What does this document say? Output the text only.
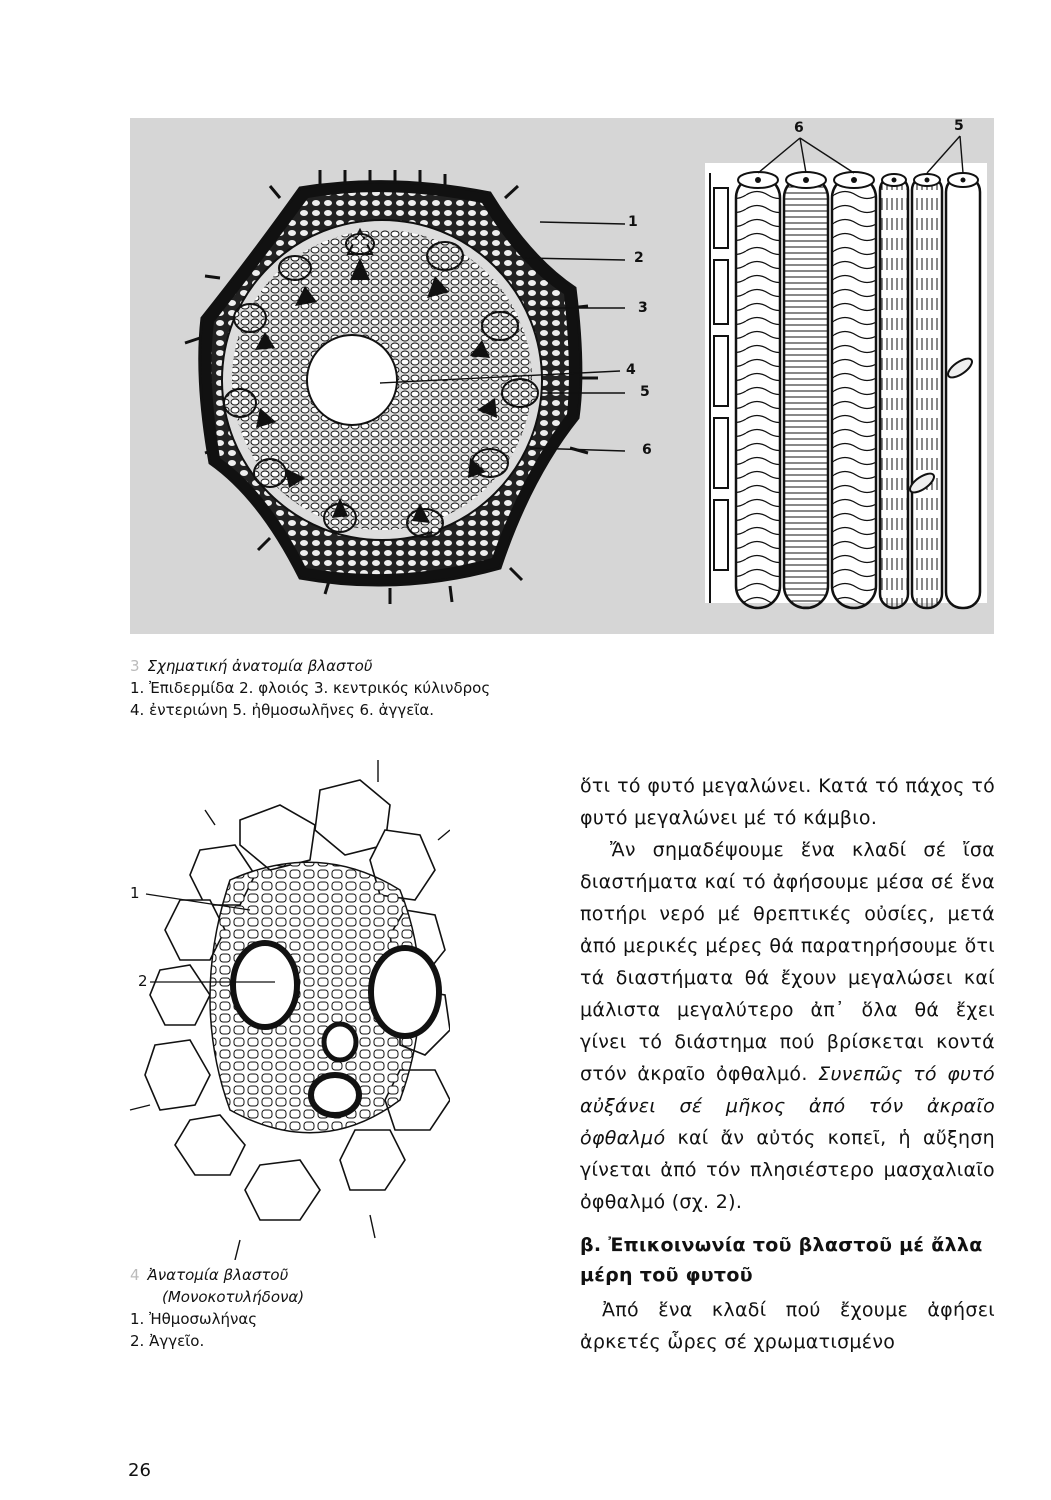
1
2
3
4
5
6
6	5
3 Σχηματική ἀνατομία βλαστοῦ
1. Ἐπιδερμίδα 2. φλοιός 3. κεντρικός κύλινδρος
4. ἐντεριώνη 5. ἠθμοσωλῆνες 6. ἀγγεῖα.
1
2
4 Ἀνατομία βλαστοῦ
(Μονοκοτυλήδονα)
1. Ἠθμοσωλήνας
2. Ἀγγεῖο.

ὅτι τό φυτό μεγαλώνει. Κατά τό πάχος τό φυτό μεγαλώνει μέ τό κάμβιο.

Ἄν σημαδέψουμε ἕνα κλαδί σέ ἴσα διαστήματα καί τό ἀφήσουμε μέσα σέ ἕνα ποτήρι νερό μέ θρεπτικές οὐσίες, μετά ἀπό μερικές μέρες θά παρατηρήσουμε ὅτι τά διαστήματα θά ἔχουν μεγαλώσει καί μάλιστα μεγαλύτερο ἀπ᾿ ὅλα θά ἔχει γίνει τό διάστημα πού βρίσκεται κοντά στόν ἀκραῖο ὀφθαλμό. Συνεπῶς τό φυτό αὐξάνει σέ μῆκος ἀπό τόν ἀκραῖο ὀφθαλμό καί ἄν αὐτός κοπεῖ, ἡ αὔξηση γίνεται ἀπό τόν πλησιέστερο μασχαλιαῖο ὀφθαλμό (σχ. 2).

β. Ἐπικοινωνία τοῦ βλαστοῦ μέ ἄλλα μέρη τοῦ φυτοῦ

Ἀπό ἕνα κλαδί πού ἔχουμε ἀφήσει ἀρκετές ὧρες σέ χρωματισμένο

26
